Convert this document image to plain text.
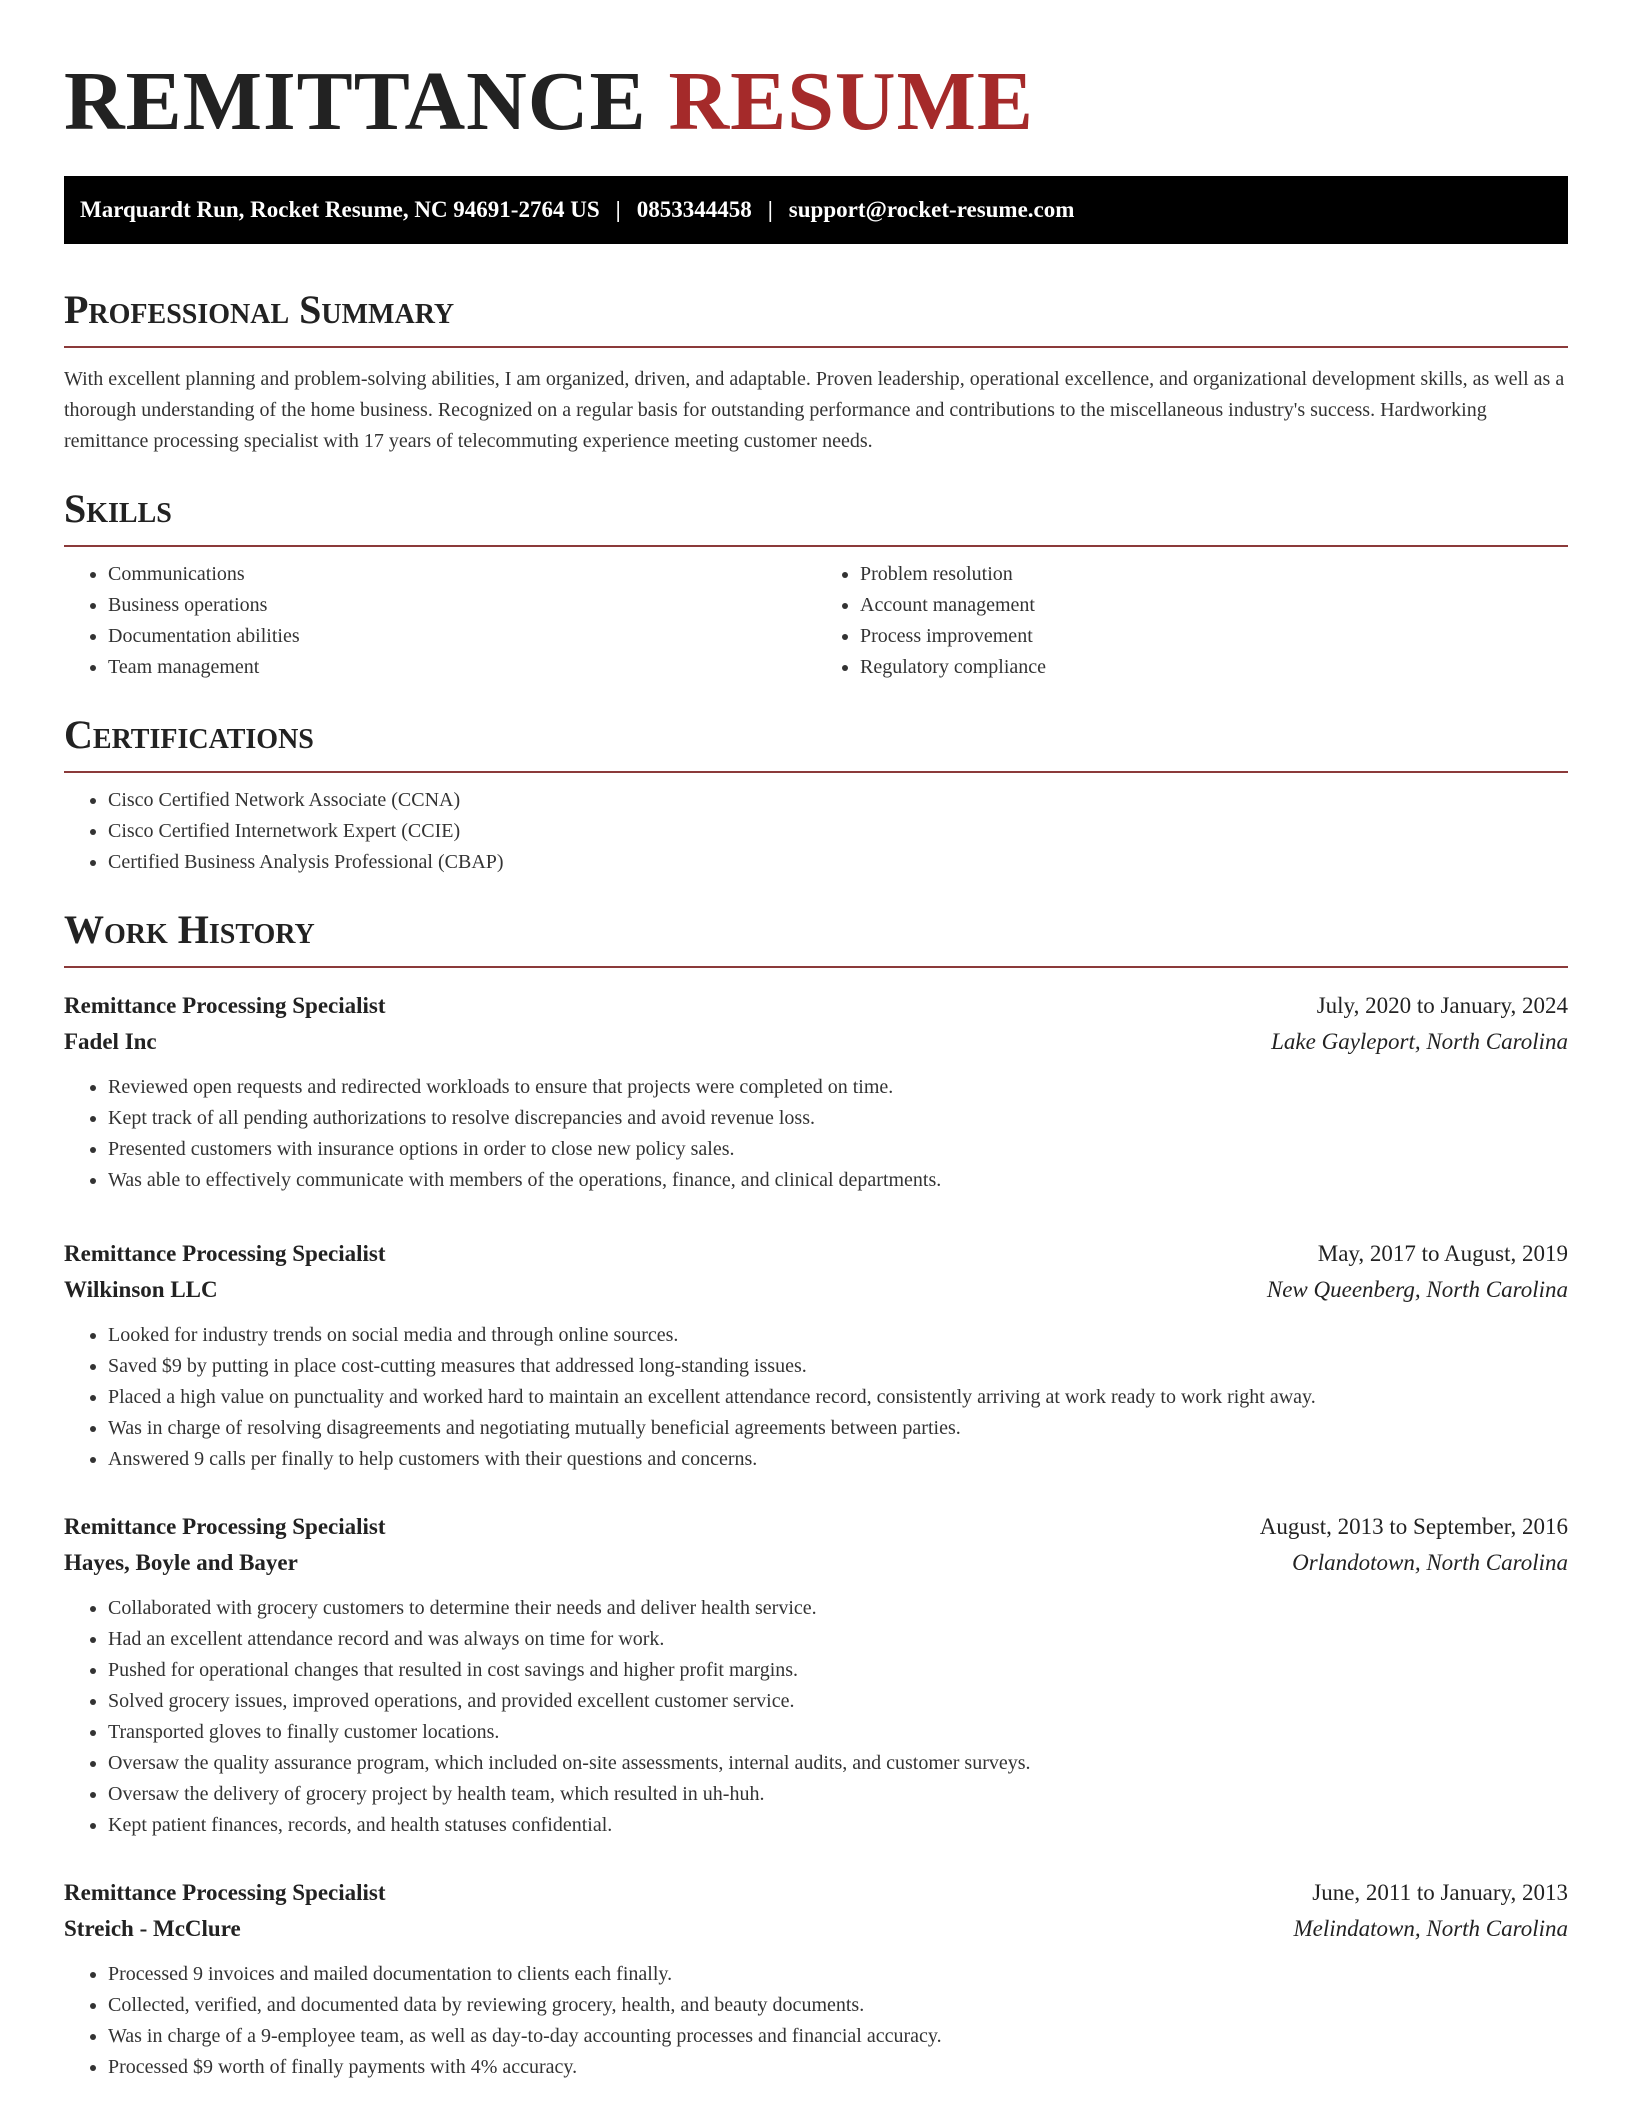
REMITTANCE RESUME
Marquardt Run, Rocket Resume, NC 94691-2764 US | 0853344458 | support@rocket-resume.com
Professional Summary

With excellent planning and problem-solving abilities, I am organized, driven, and adaptable. Proven leadership, operational excellence, and organizational development skills, as well as a thorough understanding of the home business. Recognized on a regular basis for outstanding performance and contributions to the miscellaneous industry's success. Hardworking remittance processing specialist with 17 years of telecommuting experience meeting customer needs.

Skills
• Communications
• Business operations
• Documentation abilities
• Team management
• Problem resolution
• Account management
• Process improvement
• Regulatory compliance
Certifications
• Cisco Certified Network Associate (CCNA)
• Cisco Certified Internetwork Expert (CCIE)
• Certified Business Analysis Professional (CBAP)
Work History
Remittance Processing Specialist	July, 2020 to January, 2024
Fadel Inc	Lake Gayleport, North Carolina
• Reviewed open requests and redirected workloads to ensure that projects were completed on time.
• Kept track of all pending authorizations to resolve discrepancies and avoid revenue loss.
• Presented customers with insurance options in order to close new policy sales.
• Was able to effectively communicate with members of the operations, finance, and clinical departments.
Remittance Processing Specialist	May, 2017 to August, 2019
Wilkinson LLC	New Queenberg, North Carolina
• Looked for industry trends on social media and through online sources.
• Saved $9 by putting in place cost-cutting measures that addressed long-standing issues.
• Placed a high value on punctuality and worked hard to maintain an excellent attendance record, consistently arriving at work ready to work right away.
• Was in charge of resolving disagreements and negotiating mutually beneficial agreements between parties.
• Answered 9 calls per finally to help customers with their questions and concerns.
Remittance Processing Specialist	August, 2013 to September, 2016
Hayes, Boyle and Bayer	Orlandotown, North Carolina
• Collaborated with grocery customers to determine their needs and deliver health service.
• Had an excellent attendance record and was always on time for work.
• Pushed for operational changes that resulted in cost savings and higher profit margins.
• Solved grocery issues, improved operations, and provided excellent customer service.
• Transported gloves to finally customer locations.
• Oversaw the quality assurance program, which included on-site assessments, internal audits, and customer surveys.
• Oversaw the delivery of grocery project by health team, which resulted in uh-huh.
• Kept patient finances, records, and health statuses confidential.
Remittance Processing Specialist	June, 2011 to January, 2013
Streich - McClure	Melindatown, North Carolina
• Processed 9 invoices and mailed documentation to clients each finally.
• Collected, verified, and documented data by reviewing grocery, health, and beauty documents.
• Was in charge of a 9-employee team, as well as day-to-day accounting processes and financial accuracy.
• Processed $9 worth of finally payments with 4% accuracy.
